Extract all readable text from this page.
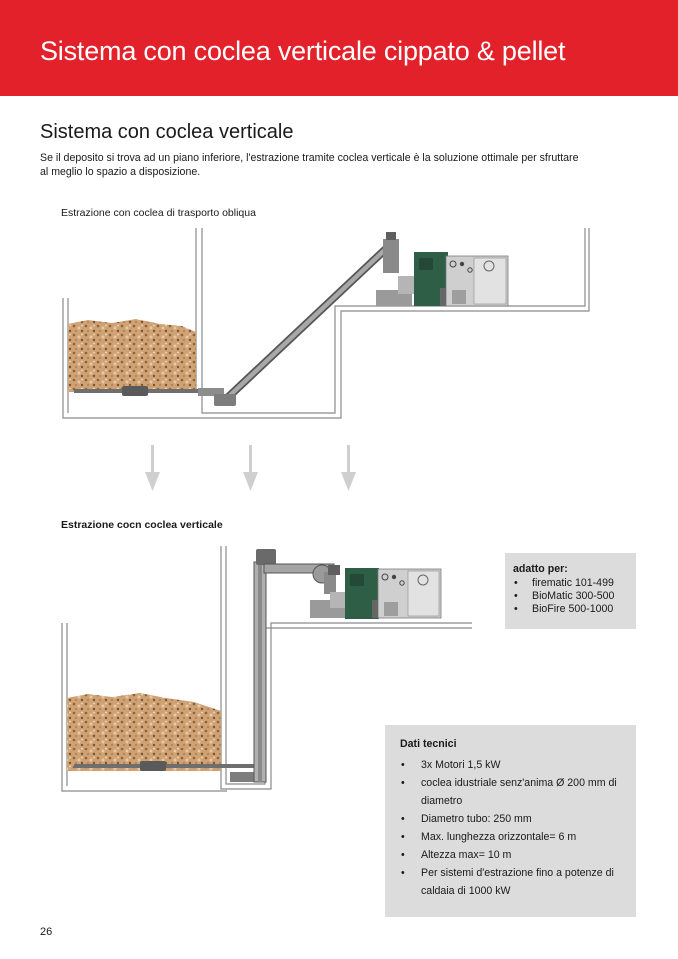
Sistema con coclea verticale cippato & pellet
Sistema con coclea verticale

Se il deposito si trova ad un piano inferiore, l'estrazione tramite coclea verticale è la soluzione ottimale per sfruttare

al meglio lo spazio a disposizione.

Estrazione con coclea di trasporto obliqua
Estrazione cocn coclea verticale
adatto per:
• firematic 101-499
• BioMatic 300-500
• BioFire 500-1000
Dati tecnici
• 3x Motori 1,5 kW
• coclea idustriale senz'anima Ø 200 mm di diametro
• Diametro tubo: 250 mm
• Max. lunghezza orizzontale= 6 m
• Altezza max= 10 m
• Per sistemi d'estrazione fino a potenze di caldaia di 1000 kW
26
